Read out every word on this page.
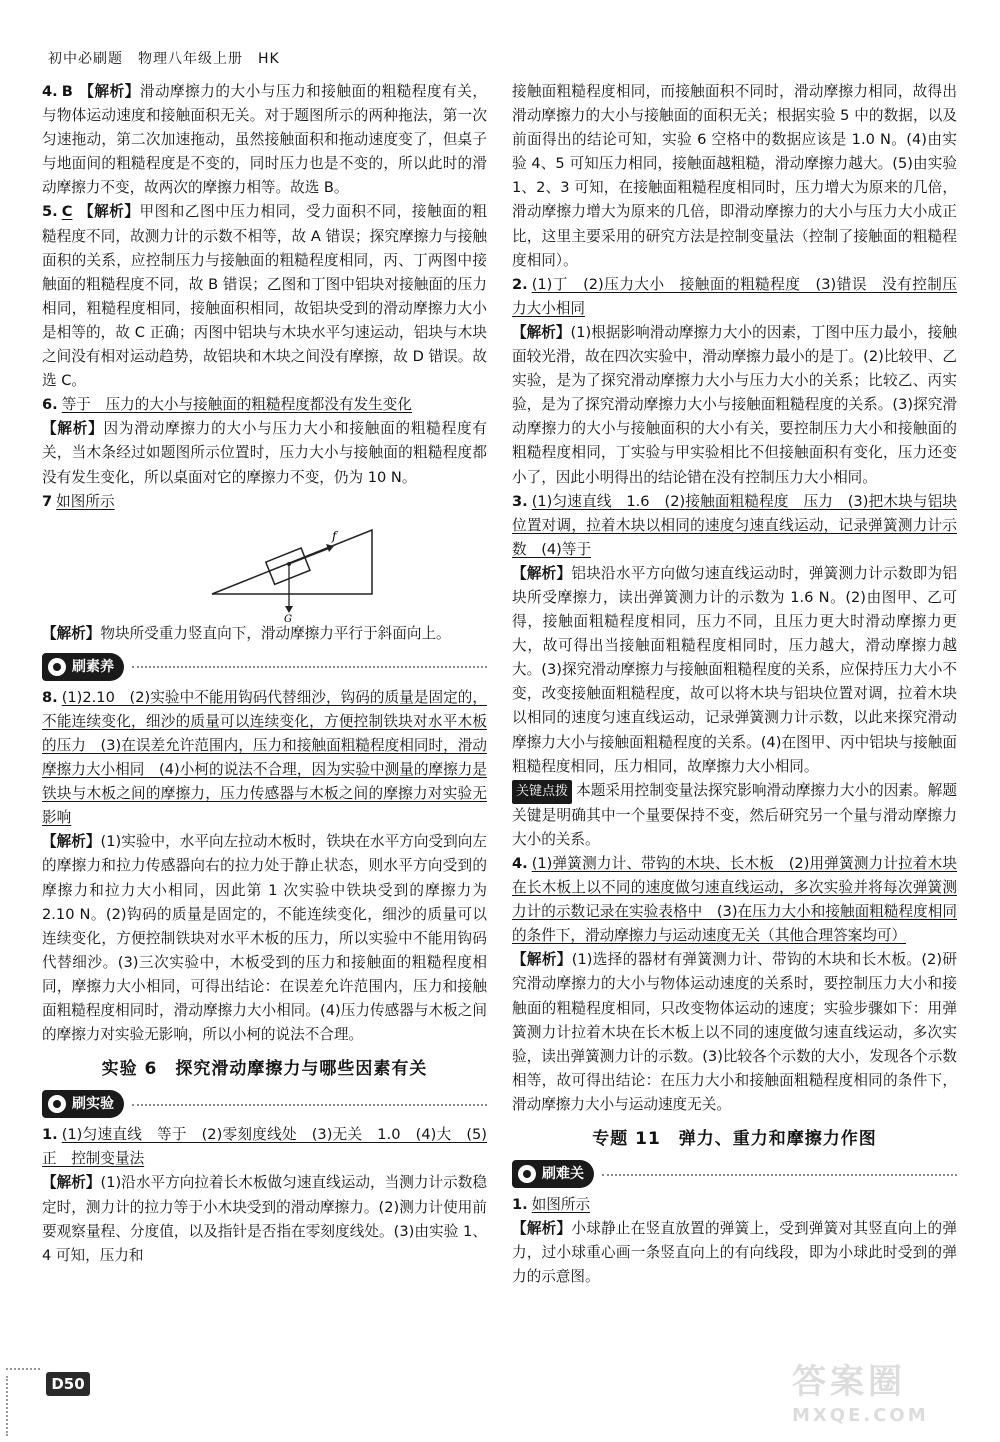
初中必刷题　物理八年级上册　HK

4. B 【解析】滑动摩擦力的大小与压力和接触面的粗糙程度有关，与物体运动速度和接触面积无关。对于题图所示的两种拖法，第一次匀速拖动，第二次加速拖动，虽然接触面积和拖动速度变了，但桌子与地面间的粗糙程度是不变的，同时压力也是不变的，所以此时的滑动摩擦力不变，故两次的摩擦力相等。故选 B。

5. C 【解析】甲图和乙图中压力相同，受力面积不同，接触面的粗糙程度不同，故测力计的示数不相等，故 A 错误；探究摩擦力与接触面积的关系，应控制压力与接触面的粗糙程度相同，丙、丁两图中接触面的粗糙程度不同，故 B 错误；乙图和丁图中铝块对接触面的压力相同，粗糙程度相同，接触面积相同，故铝块受到的滑动摩擦力大小是相等的，故 C 正确；丙图中铝块与木块水平匀速运动，铝块与木块之间没有相对运动趋势，故铝块和木块之间没有摩擦，故 D 错误。故选 C。

6. 等于　压力的大小与接触面的粗糙程度都没有发生变化
【解析】因为滑动摩擦力的大小与压力大小和接触面的粗糙程度有关，当木条经过如题图所示位置时，压力大小与接触面的粗糙程度都没有发生变化，所以桌面对它的摩擦力不变，仍为 10 N。

7 如图所示

f
G

【解析】物块所受重力竖直向下，滑动摩擦力平行于斜面向上。

刷素养

8. (1)2.10　(2)实验中不能用钩码代替细沙，钩码的质量是固定的，不能连续变化，细沙的质量可以连续变化，方便控制铁块对水平木板的压力　(3)在误差允许范围内，压力和接触面粗糙程度相同时，滑动摩擦力大小相同　(4)小柯的说法不合理，因为实验中测量的摩擦力是铁块与木板之间的摩擦力，压力传感器与木板之间的摩擦力对实验无影响
【解析】(1)实验中，水平向左拉动木板时，铁块在水平方向受到向左的摩擦力和拉力传感器向右的拉力处于静止状态，则水平方向受到的摩擦力和拉力大小相同，因此第 1 次实验中铁块受到的摩擦力为 2.10 N。(2)钩码的质量是固定的，不能连续变化，细沙的质量可以连续变化，方便控制铁块对水平木板的压力，所以实验中不能用钩码代替细沙。(3)三次实验中，木板受到的压力和接触面的粗糙程度相同，摩擦力大小相同，可得出结论：在误差允许范围内，压力和接触面粗糙程度相同时，滑动摩擦力大小相同。(4)压力传感器与木板之间的摩擦力对实验无影响，所以小柯的说法不合理。

实验 6　探究滑动摩擦力与哪些因素有关
刷实验

1. (1)匀速直线　等于　(2)零刻度线处　(3)无关　1.0　(4)大　(5)正　控制变量法
【解析】(1)沿水平方向拉着长木板做匀速直线运动，当测力计示数稳定时，测力计的拉力等于小木块受到的滑动摩擦力。(2)测力计使用前要观察量程、分度值，以及指针是否指在零刻度线处。(3)由实验 1、4 可知，压力和

接触面粗糙程度相同，而接触面积不同时，滑动摩擦力相同，故得出滑动摩擦力的大小与接触面的面积无关；根据实验 5 中的数据，以及前面得出的结论可知，实验 6 空格中的数据应该是 1.0 N。(4)由实验 4、5 可知压力相同，接触面越粗糙，滑动摩擦力越大。(5)由实验 1、2、3 可知，在接触面粗糙程度相同时，压力增大为原来的几倍，滑动摩擦力增大为原来的几倍，即滑动摩擦力的大小与压力大小成正比，这里主要采用的研究方法是控制变量法（控制了接触面的粗糙程度相同）。

2. (1)丁　(2)压力大小　接触面的粗糙程度　(3)错误　没有控制压力大小相同
【解析】(1)根据影响滑动摩擦力大小的因素，丁图中压力最小，接触面较光滑，故在四次实验中，滑动摩擦力最小的是丁。(2)比较甲、乙实验，是为了探究滑动摩擦力大小与压力大小的关系；比较乙、丙实验，是为了探究滑动摩擦力大小与接触面粗糙程度的关系。(3)探究滑动摩擦力的大小与接触面积的大小有关，要控制压力大小和接触面的粗糙程度相同，丁实验与甲实验相比不但接触面积有变化，压力还变小了，因此小明得出的结论错在没有控制压力大小相同。

3. (1)匀速直线　1.6　(2)接触面粗糙程度　压力　(3)把木块与铝块位置对调，拉着木块以相同的速度匀速直线运动，记录弹簧测力计示数　(4)等于
【解析】铝块沿水平方向做匀速直线运动时，弹簧测力计示数即为铝块所受摩擦力，读出弹簧测力计的示数为 1.6 N。(2)由图甲、乙可得，接触面粗糙程度相同，压力不同，且压力更大时滑动摩擦力更大，故可得出当接触面粗糙程度相同时，压力越大，滑动摩擦力越大。(3)探究滑动摩擦力与接触面粗糙程度的关系，应保持压力大小不变，改变接触面粗糙程度，故可以将木块与铝块位置对调，拉着木块以相同的速度匀速直线运动，记录弹簧测力计示数，以此来探究滑动摩擦力大小与接触面粗糙程度的关系。(4)在图甲、丙中铝块与接触面粗糙程度相同，压力相同，故摩擦力大小相同。
关键点拨 本题采用控制变量法探究影响滑动摩擦力大小的因素。解题关键是明确其中一个量要保持不变，然后研究另一个量与滑动摩擦力大小的关系。

4. (1)弹簧测力计、带钩的木块、长木板　(2)用弹簧测力计拉着木块在长木板上以不同的速度做匀速直线运动，多次实验并将每次弹簧测力计的示数记录在实验表格中　(3)在压力大小和接触面粗糙程度相同的条件下，滑动摩擦力与运动速度无关（其他合理答案均可）
【解析】(1)选择的器材有弹簧测力计、带钩的木块和长木板。(2)研究滑动摩擦力的大小与物体运动速度的关系时，要控制压力大小和接触面的粗糙程度相同，只改变物体运动的速度；实验步骤如下：用弹簧测力计拉着木块在长木板上以不同的速度做匀速直线运动，多次实验，读出弹簧测力计的示数。(3)比较各个示数的大小，发现各个示数相等，故可得出结论：在压力大小和接触面粗糙程度相同的条件下，滑动摩擦力大小与运动速度无关。

专题 11　弹力、重力和摩擦力作图
刷难关

1. 如图所示
【解析】小球静止在竖直放置的弹簧上，受到弹簧对其竖直向上的弹力，过小球重心画一条竖直向上的有向线段，即为小球此时受到的弹力的示意图。

D50	答案圈
MXQE.COM
